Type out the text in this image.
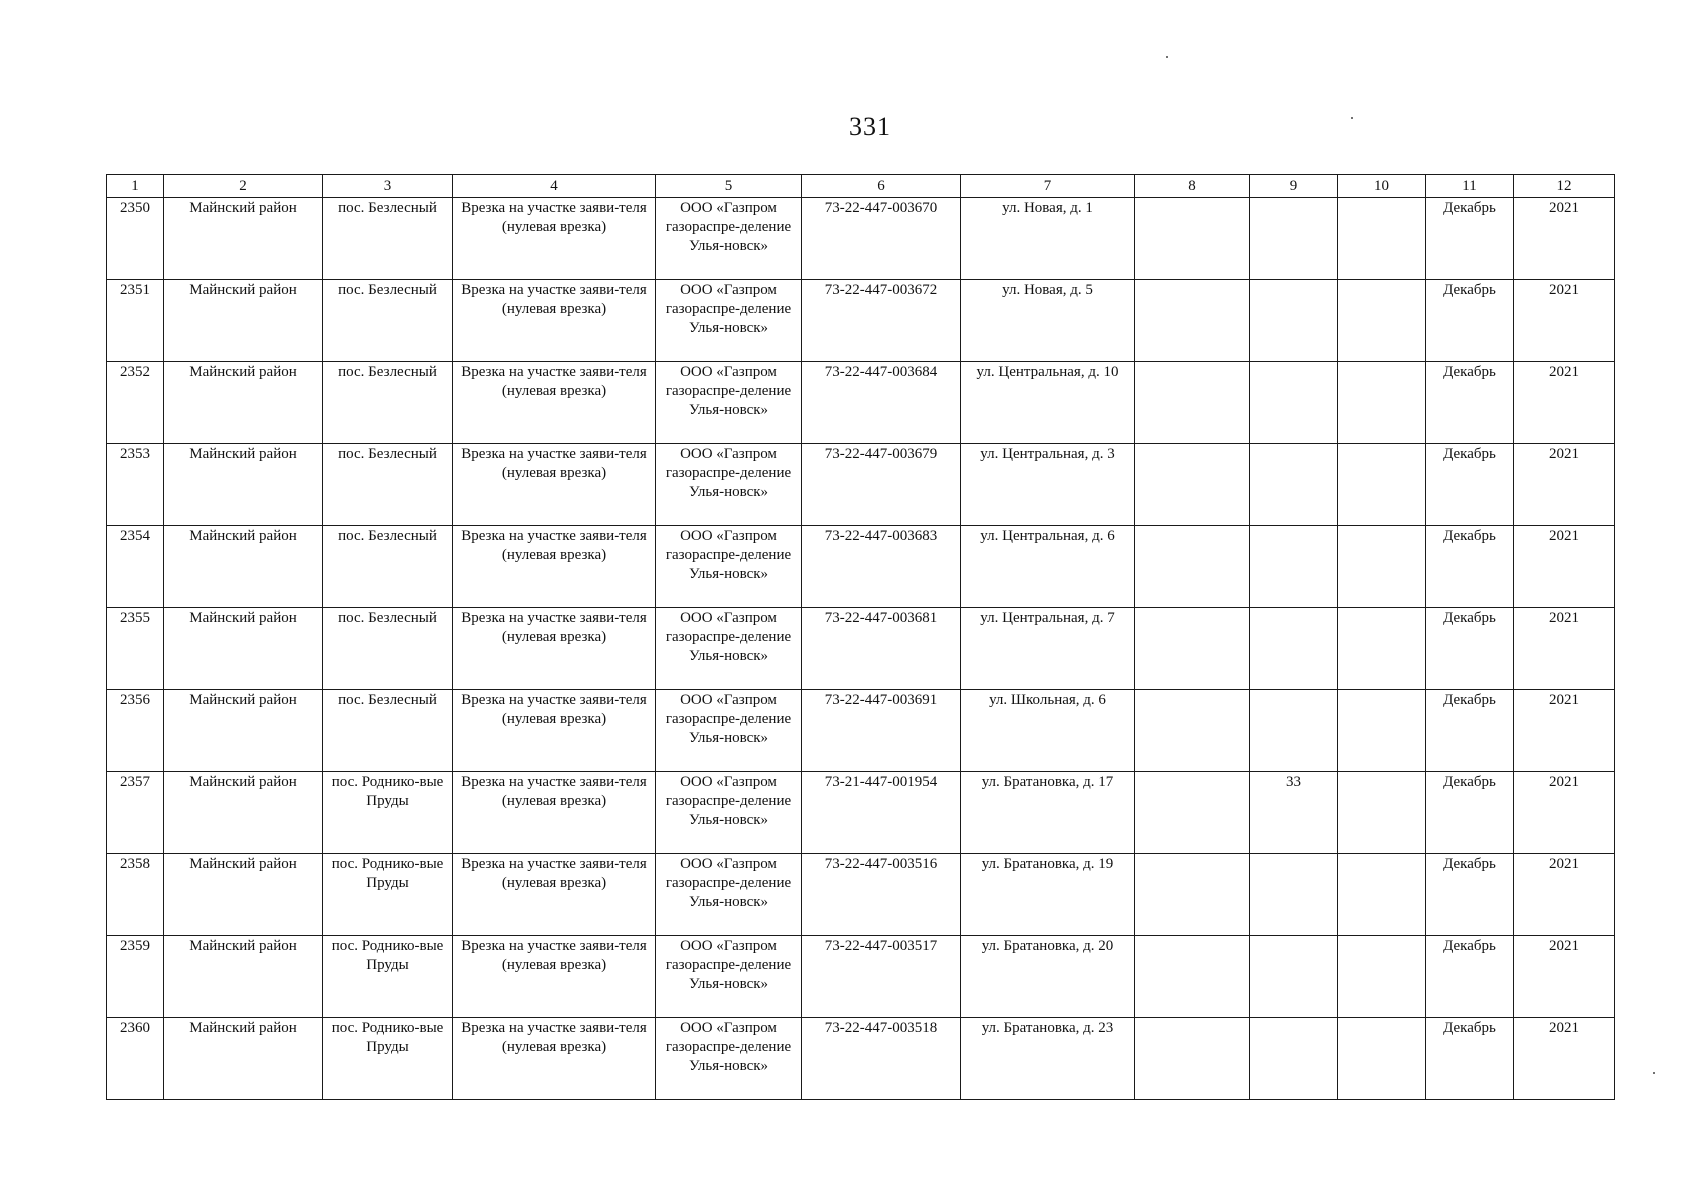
331
1	2	3	4	5	6	7	8	9	10	11	12
2350	Майнский район	пос. Безлесный	Врезка на участке заяви-теля (нулевая врезка)	ООО «Газпром газораспре-деление Улья-новск»	73-22-447-003670	ул. Новая, д. 1				Декабрь	2021
2351	Майнский район	пос. Безлесный	Врезка на участке заяви-теля (нулевая врезка)	ООО «Газпром газораспре-деление Улья-новск»	73-22-447-003672	ул. Новая, д. 5				Декабрь	2021
2352	Майнский район	пос. Безлесный	Врезка на участке заяви-теля (нулевая врезка)	ООО «Газпром газораспре-деление Улья-новск»	73-22-447-003684	ул. Центральная, д. 10				Декабрь	2021
2353	Майнский район	пос. Безлесный	Врезка на участке заяви-теля (нулевая врезка)	ООО «Газпром газораспре-деление Улья-новск»	73-22-447-003679	ул. Центральная, д. 3				Декабрь	2021
2354	Майнский район	пос. Безлесный	Врезка на участке заяви-теля (нулевая врезка)	ООО «Газпром газораспре-деление Улья-новск»	73-22-447-003683	ул. Центральная, д. 6				Декабрь	2021
2355	Майнский район	пос. Безлесный	Врезка на участке заяви-теля (нулевая врезка)	ООО «Газпром газораспре-деление Улья-новск»	73-22-447-003681	ул. Центральная, д. 7				Декабрь	2021
2356	Майнский район	пос. Безлесный	Врезка на участке заяви-теля (нулевая врезка)	ООО «Газпром газораспре-деление Улья-новск»	73-22-447-003691	ул. Школьная, д. 6				Декабрь	2021
2357	Майнский район	пос. Роднико-вые Пруды	Врезка на участке заяви-теля (нулевая врезка)	ООО «Газпром газораспре-деление Улья-новск»	73-21-447-001954	ул. Братановка, д. 17		33		Декабрь	2021
2358	Майнский район	пос. Роднико-вые Пруды	Врезка на участке заяви-теля (нулевая врезка)	ООО «Газпром газораспре-деление Улья-новск»	73-22-447-003516	ул. Братановка, д. 19				Декабрь	2021
2359	Майнский район	пос. Роднико-вые Пруды	Врезка на участке заяви-теля (нулевая врезка)	ООО «Газпром газораспре-деление Улья-новск»	73-22-447-003517	ул. Братановка, д. 20				Декабрь	2021
2360	Майнский район	пос. Роднико-вые Пруды	Врезка на участке заяви-теля (нулевая врезка)	ООО «Газпром газораспре-деление Улья-новск»	73-22-447-003518	ул. Братановка, д. 23				Декабрь	2021
